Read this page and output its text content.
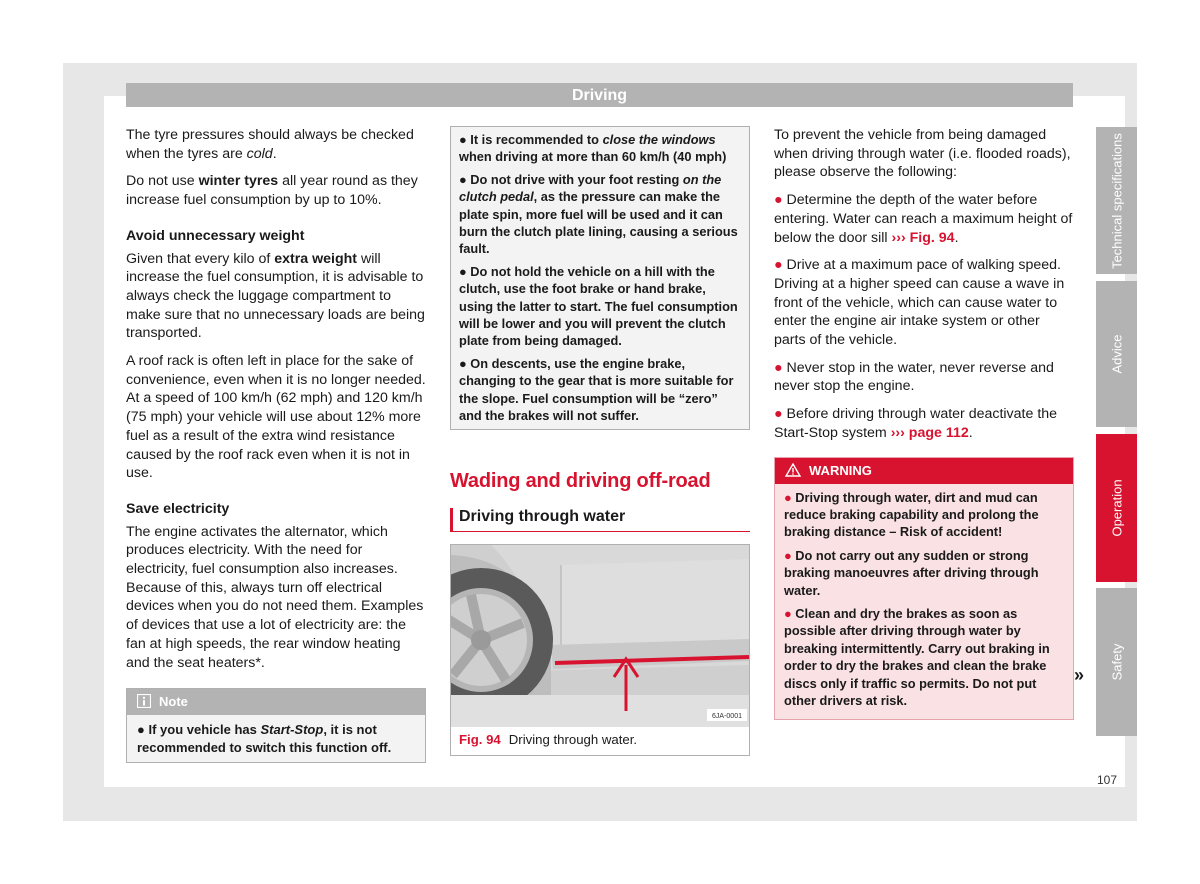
Driving

The tyre pressures should always be checked when the tyres are cold.

Do not use winter tyres all year round as they increase fuel consumption by up to 10%.

Avoid unnecessary weight

Given that every kilo of extra weight will increase the fuel consumption, it is advisable to always check the luggage compartment to make sure that no unnecessary loads are being transported.

A roof rack is often left in place for the sake of convenience, even when it is no longer needed. At a speed of 100 km/h (62 mph) and 120 km/h (75 mph) your vehicle will use about 12% more fuel as a result of the extra wind resistance caused by the roof rack even when it is not in use.

Save electricity

The engine activates the alternator, which produces electricity. With the need for electricity, fuel consumption also increases. Because of this, always turn off electrical devices when you do not need them. Examples of devices that use a lot of electricity are: the fan at high speeds, the rear window heating and the seat heaters*.

Note
● If you vehicle has Start-Stop, it is not recommended to switch this function off.

● It is recommended to close the windows when driving at more than 60 km/h (40 mph)

● Do not drive with your foot resting on the clutch pedal, as the pressure can make the plate spin, more fuel will be used and it can burn the clutch plate lining, causing a serious fault.

● Do not hold the vehicle on a hill with the clutch, use the foot brake or hand brake, using the latter to start. The fuel consumption will be lower and you will prevent the clutch plate from being damaged.

● On descents, use the engine brake, changing to the gear that is more suitable for the slope. Fuel consumption will be “zero” and the brakes will not suffer.

Wading and driving off-road
Driving through water
6JA-0001
Fig. 94 Driving through water.

To prevent the vehicle from being damaged when driving through water (i.e. flooded roads), please observe the following:

● Determine the depth of the water before entering. Water can reach a maximum height of below the door sill ››› Fig. 94.

● Drive at a maximum pace of walking speed. Driving at a higher speed can cause a wave in front of the vehicle, which can cause water to enter the engine air intake system or other parts of the vehicle.

● Never stop in the water, never reverse and never stop the engine.

● Before driving through water deactivate the Start-Stop system ››› page 112.

WARNING

● Driving through water, dirt and mud can reduce braking capability and prolong the braking distance – Risk of accident!

● Do not carry out any sudden or strong braking manoeuvres after driving through water.

● Clean and dry the brakes as soon as possible after driving through water by breaking intermittently. Carry out braking in order to dry the brakes and clean the brake discs only if traffic so permits. Do not put other drivers at risk.

»
Technical specifications
Advice
Operation
Safety
107
